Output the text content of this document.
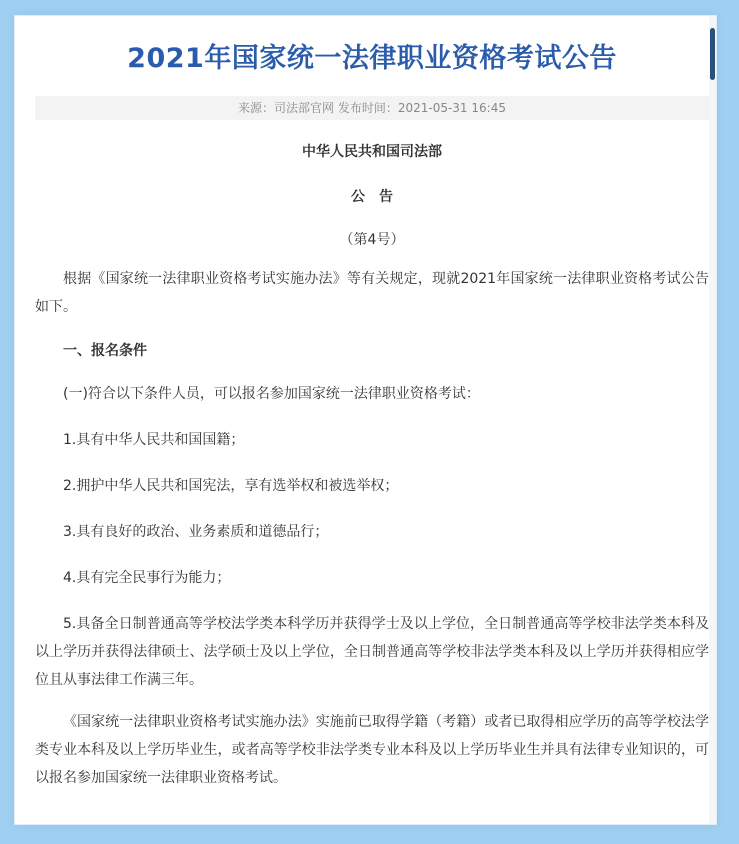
2021年国家统一法律职业资格考试公告
来源：司法部官网 发布时间：2021-05-31 16:45
中华人民共和国司法部
公告
（第4号）

根据《国家统一法律职业资格考试实施办法》等有关规定，现就2021年国家统一法律职业资格考试公告如下。

一、报名条件

(一)符合以下条件人员，可以报名参加国家统一法律职业资格考试：

1.具有中华人民共和国国籍；

2.拥护中华人民共和国宪法，享有选举权和被选举权；

3.具有良好的政治、业务素质和道德品行；

4.具有完全民事行为能力；

5.具备全日制普通高等学校法学类本科学历并获得学士及以上学位，全日制普通高等学校非法学类本科及以上学历并获得法律硕士、法学硕士及以上学位，全日制普通高等学校非法学类本科及以上学历并获得相应学位且从事法律工作满三年。

《国家统一法律职业资格考试实施办法》实施前已取得学籍（考籍）或者已取得相应学历的高等学校法学类专业本科及以上学历毕业生，或者高等学校非法学类专业本科及以上学历毕业生并具有法律专业知识的，可以报名参加国家统一法律职业资格考试。
